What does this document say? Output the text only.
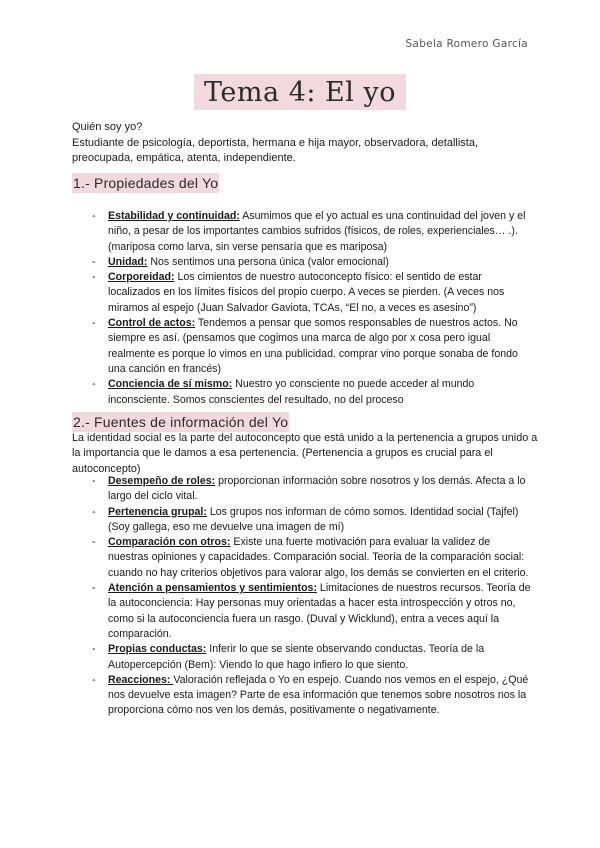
Sabela Romero García
Tema 4: El yo
Quién soy yo?
Estudiante de psicología, deportista, hermana e hija mayor, observadora, detallista, preocupada, empática, atenta, independiente.
1.- Propiedades del Yo
- Estabilidad y continuidad: Asumimos que el yo actual es una continuidad del joven y el niño, a pesar de los importantes cambios sufridos (físicos, de roles, experienciales… .). (mariposa como larva, sin verse pensaría que es mariposa)
- Unidad: Nos sentimos una persona única (valor emocional)
- Corporeidad: Los cimientos de nuestro autoconcepto físico: el sentido de estar localizados en los límites físicos del propio cuerpo. A veces se pierden. (A veces nos miramos al espejo (Juan Salvador Gaviota, TCAs, “El no, a veces es asesino”)
- Control de actos: Tendemos a pensar que somos responsables de nuestros actos. No siempre es así. (pensamos que cogimos una marca de algo por x cosa pero igual realmente es porque lo vimos en una publicidad. comprar vino porque sonaba de fondo una canción en francés)
- Conciencia de sí mismo: Nuestro yo consciente no puede acceder al mundo inconsciente. Somos conscientes del resultado, no del proceso
2.- Fuentes de información del Yo
La identidad social es la parte del autoconcepto que está unido a la pertenencia a grupos unido a la importancia que le damos a esa pertenencia. (Pertenencia a grupos es crucial para el autoconcepto)
- Desempeño de roles: proporcionan información sobre nosotros y los demás. Afecta a lo largo del ciclo vital.
- Pertenencia grupal: Los grupos nos informan de cómo somos. Identidad social (Tajfel) (Soy gallega, eso me devuelve una imagen de mí)
- Comparación con otros: Existe una fuerte motivación para evaluar la validez de nuestras opiniones y capacidades. Comparación social. Teoría de la comparación social: cuando no hay criterios objetivos para valorar algo, los demás se convierten en el criterio.
- Atención a pensamientos y sentimientos: Limitaciones de nuestros recursos. Teoría de la autoconciencia: Hay personas muy orientadas a hacer esta introspección y otros no, como si la autoconciencia fuera un rasgo. (Duval y Wicklund), entra a veces aquí la comparación.
- Propias conductas: Inferir lo que se siente observando conductas. Teoría de la Autopercepción (Bem): Viendo lo que hago infiero lo que siento.
- Reacciones: Valoración reflejada o Yo en espejo. Cuando nos vemos en el espejo, ¿Qué nos devuelve esta imagen? Parte de esa información que tenemos sobre nosotros nos la proporciona cómo nos ven los demás, positivamente o negativamente.
